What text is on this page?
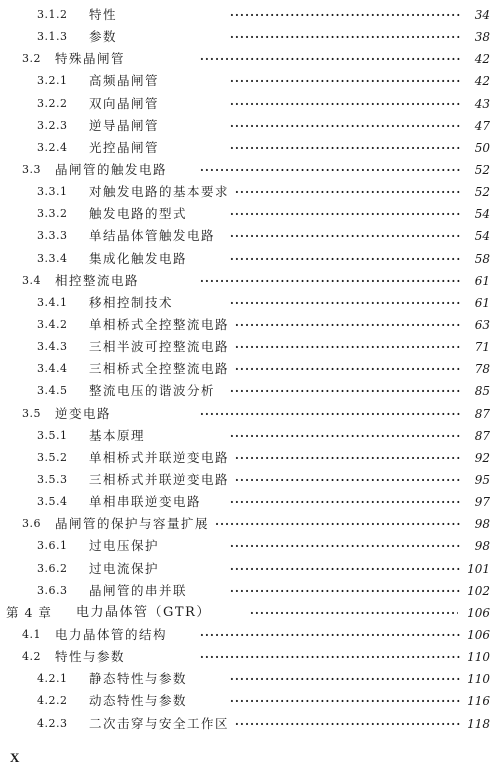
·····
3.1.2 特性	34
·····
3.1.3 参数	38
·····
3.2 特殊晶闸管	42
·····
3.2.1 高频晶闸管	42
·····
3.2.2 双向晶闸管	43
·····
3.2.3 逆导晶闸管	47
·····
3.2.4 光控晶闸管	50
·····
3.3 晶闸管的触发电路	52
·····
3.3.1 对触发电路的基本要求	52
·····
3.3.2 触发电路的型式	54
·····
3.3.3 单结晶体管触发电路	54
·····
3.3.4 集成化触发电路	58
·····
3.4 相控整流电路	61
·····
3.4.1 移相控制技术	61
·····
3.4.2 单相桥式全控整流电路	63
·····
3.4.3 三相半波可控整流电路	71
·····
3.4.4 三相桥式全控整流电路	78
·····
3.4.5 整流电压的谐波分析	85
·····
3.5 逆变电路	87
·····
3.5.1 基本原理	87
·····
3.5.2 单相桥式并联逆变电路	92
·····
3.5.3 三相桥式并联逆变电路	95
·····
3.5.4 单相串联逆变电路	97
·····
3.6 晶闸管的保护与容量扩展	98
·····
3.6.1 过电压保护	98
·····
3.6.2 过电流保护	101
·····
3.6.3 晶闸管的串并联	102
·····
第 4 章 电力晶体管（GTR）	106
·····
4.1 电力晶体管的结构	106
·····
4.2 特性与参数	110
·····
4.2.1 静态特性与参数	110
·····
4.2.2 动态特性与参数	116
·····
4.2.3 二次击穿与安全工作区	118
X
